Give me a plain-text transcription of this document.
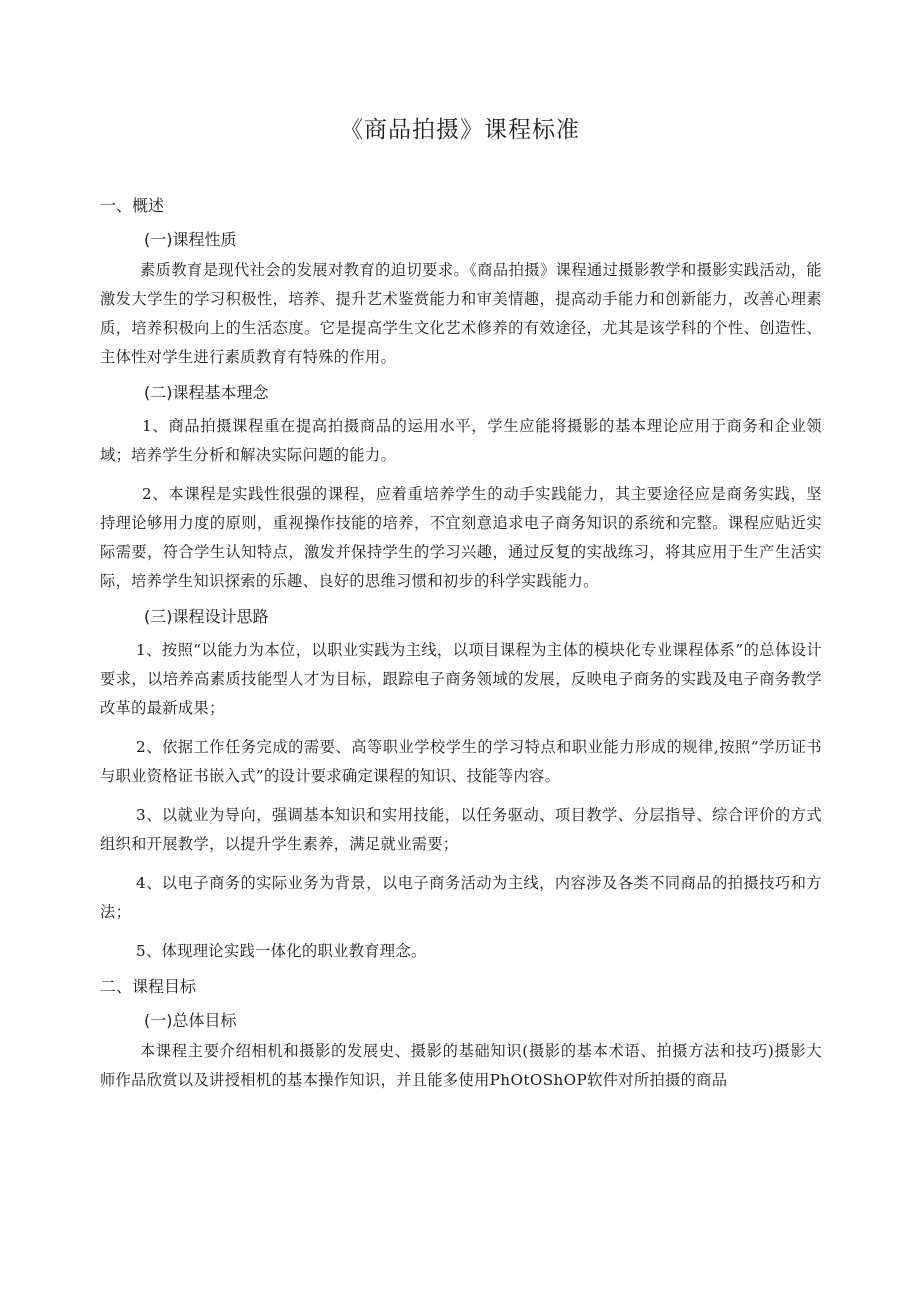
《商品拍摄》课程标准
一、概述
(一)课程性质

素质教育是现代社会的发展对教育的迫切要求。《商品拍摄》课程通过摄影教学和摄影实践活动，能激发大学生的学习积极性，培养、提升艺术鉴赏能力和审美情趣，提高动手能力和创新能力，改善心理素质，培养积极向上的生活态度。它是提高学生文化艺术修养的有效途径，尤其是该学科的个性、创造性、主体性对学生进行素质教育有特殊的作用。

(二)课程基本理念

1、商品拍摄课程重在提高拍摄商品的运用水平，学生应能将摄影的基本理论应用于商务和企业领域；培养学生分析和解决实际问题的能力。

2、本课程是实践性很强的课程，应着重培养学生的动手实践能力，其主要途径应是商务实践，坚持理论够用力度的原则，重视操作技能的培养，不宜刻意追求电子商务知识的系统和完整。课程应贴近实际需要，符合学生认知特点，激发并保持学生的学习兴趣，通过反复的实战练习，将其应用于生产生活实际，培养学生知识探索的乐趣、良好的思维习惯和初步的科学实践能力。

(三)课程设计思路

1、按照“以能力为本位，以职业实践为主线，以项目课程为主体的模块化专业课程体系”的总体设计要求，以培养高素质技能型人才为目标，跟踪电子商务领域的发展，反映电子商务的实践及电子商务教学改革的最新成果；

2、依据工作任务完成的需要、高等职业学校学生的学习特点和职业能力形成的规律,按照“学历证书与职业资格证书嵌入式”的设计要求确定课程的知识、技能等内容。

3、以就业为导向，强调基本知识和实用技能，以任务驱动、项目教学、分层指导、综合评价的方式组织和开展教学，以提升学生素养，满足就业需要；

4、以电子商务的实际业务为背景，以电子商务活动为主线，内容涉及各类不同商品的拍摄技巧和方法；

5、体现理论实践一体化的职业教育理念。

二、课程目标
(一)总体目标

本课程主要介绍相机和摄影的发展史、摄影的基础知识(摄影的基本术语、拍摄方法和技巧)摄影大师作品欣赏以及讲授相机的基本操作知识，并且能多使用PhOtOShOP软件对所拍摄的商品
